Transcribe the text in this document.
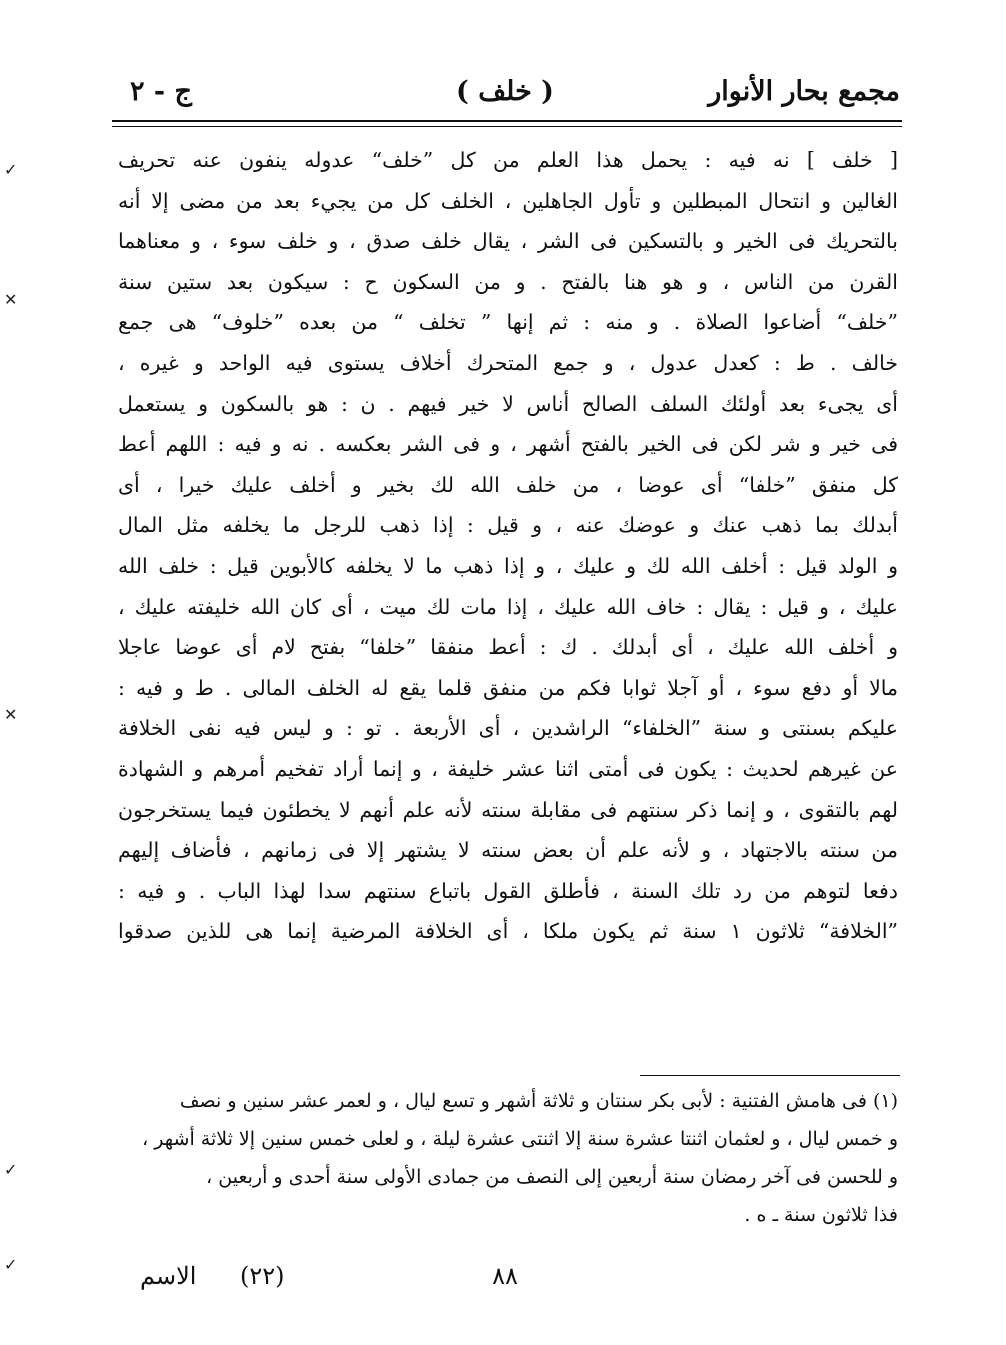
مجمع بحار الأنوار
( خلف )
ج - ٢
[ خلف ] نه فيه : يحمل هذا العلم من كل ”خلف“ عدوله ينفون عنه تحريف
الغالين و انتحال المبطلين و تأول الجاهلين ، الخلف كل من يجيء بعد من مضى إلا أنه
بالتحريك فى الخير و بالتسكين فى الشر ، يقال خلف صدق ، و خلف سوء ، و معناهما
القرن من الناس ، و هو هنا بالفتح . و من السكون ح : سيكون بعد ستين سنة
”خلف“ أضاعوا الصلاة . و منه : ثم إنها ” تخلف “ من بعده ”خلوف“ هى جمع
خالف . ط : كعدل عدول ، و جمع المتحرك أخلاف يستوى فيه الواحد و غيره ،
أى يجىء بعد أولئك السلف الصالح أناس لا خير فيهم . ن : هو بالسكون و يستعمل
فى خير و شر لكن فى الخير بالفتح أشهر ، و فى الشر بعكسه . نه و فيه : اللهم أعط
كل منفق ”خلفا“ أى عوضا ، من خلف الله لك بخير و أخلف عليك خيرا ، أى
أبدلك بما ذهب عنك و عوضك عنه ، و قيل : إذا ذهب للرجل ما يخلفه مثل المال
و الولد قيل : أخلف الله لك و عليك ، و إذا ذهب ما لا يخلفه كالأبوين قيل : خلف الله
عليك ، و قيل : يقال : خاف الله عليك ، إذا مات لك ميت ، أى كان الله خليفته عليك ،
و أخلف الله عليك ، أى أبدلك . ك : أعط منفقا ”خلفا“ بفتح لام أى عوضا عاجلا
مالا أو دفع سوء ، أو آجلا ثوابا فكم من منفق قلما يقع له الخلف المالى . ط و فيه :
عليكم بسنتى و سنة ”الخلفاء“ الراشدين ، أى الأربعة . تو : و ليس فيه نفى الخلافة
عن غيرهم لحديث : يكون فى أمتى اثنا عشر خليفة ، و إنما أراد تفخيم أمرهم و الشهادة
لهم بالتقوى ، و إنما ذكر سنتهم فى مقابلة سنته لأنه علم أنهم لا يخطئون فيما يستخرجون
من سنته بالاجتهاد ، و لأنه علم أن بعض سنته لا يشتهر إلا فى زمانهم ، فأضاف إليهم
دفعا لتوهم من رد تلك السنة ، فأطلق القول باتباع سنتهم سدا لهذا الباب . و فيه :
”الخلافة“ ثلاثون ١ سنة ثم يكون ملكا ، أى الخلافة المرضية إنما هى للذين صدقوا
(١) فى هامش الفتنية : لأبى بكر سنتان و ثلاثة أشهر و تسع ليال ، و لعمر عشر سنين و نصف
و خمس ليال ، و لعثمان اثنتا عشرة سنة إلا اثنتى عشرة ليلة ، و لعلى خمس سنين إلا ثلاثة أشهر ،
و للحسن فى آخر رمضان سنة أربعين إلى النصف من جمادى الأولى سنة أحدى و أربعين ،
فذا ثلاثون سنة ـ ه .
٨٨
(٢٢)
الاسم
✓
✕
✕
✓
✓
